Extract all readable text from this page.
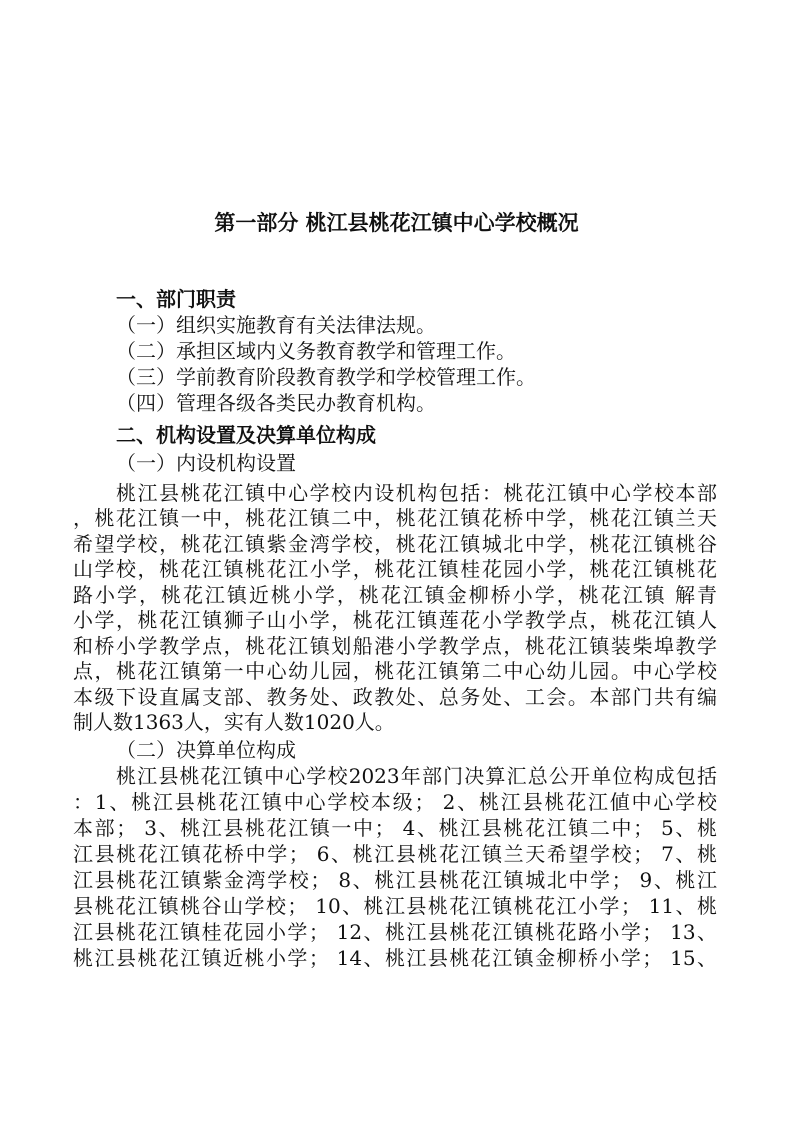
第一部分 桃江县桃花江镇中心学校概况
一、部门职责
（一）组织实施教育有关法律法规。
（二）承担区域内义务教育教学和管理工作。
（三）学前教育阶段教育教学和学校管理工作。
（四）管理各级各类民办教育机构。
二、机构设置及决算单位构成
（一）内设机构设置
桃江县桃花江镇中心学校内设机构包括：桃花江镇中心学校本部
，桃花江镇一中，桃花江镇二中，桃花江镇花桥中学，桃花江镇兰天
希望学校，桃花江镇紫金湾学校，桃花江镇城北中学，桃花江镇桃谷
山学校，桃花江镇桃花江小学，桃花江镇桂花园小学，桃花江镇桃花
路小学，桃花江镇近桃小学，桃花江镇金柳桥小学，桃花江镇 解青
小学，桃花江镇狮子山小学，桃花江镇莲花小学教学点，桃花江镇人
和桥小学教学点，桃花江镇划船港小学教学点，桃花江镇装柴埠教学
点，桃花江镇第一中心幼儿园，桃花江镇第二中心幼儿园。中心学校
本级下设直属支部、教务处、政教处、总务处、工会。本部门共有编
制人数1363人，实有人数1020人。
（二）决算单位构成
桃江县桃花江镇中心学校2023年部门决算汇总公开单位构成包括
：1、桃江县桃花江镇中心学校本级； 2、桃江县桃花江値中心学校
本部； 3、桃江县桃花江镇一中； 4、桃江县桃花江镇二中； 5、桃
江县桃花江镇花桥中学； 6、桃江县桃花江镇兰天希望学校； 7、桃
江县桃花江镇紫金湾学校； 8、桃江县桃花江镇城北中学； 9、桃江
县桃花江镇桃谷山学校； 10、桃江县桃花江镇桃花江小学； 11、桃
江县桃花江镇桂花园小学； 12、桃江县桃花江镇桃花路小学； 13、
桃江县桃花江镇近桃小学； 14、桃江县桃花江镇金柳桥小学； 15、
